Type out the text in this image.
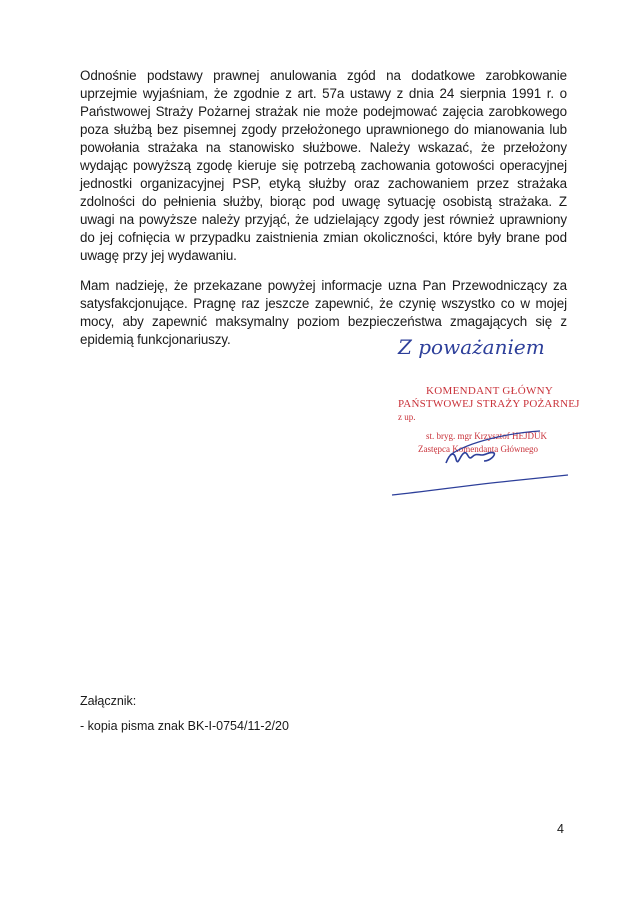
Odnośnie podstawy prawnej anulowania zgód na dodatkowe zarobkowanie uprzejmie wyjaśniam, że zgodnie z art. 57a ustawy z dnia 24 sierpnia 1991 r. o Państwowej Straży Pożarnej strażak nie może podejmować zajęcia zarobkowego poza służbą bez pisemnej zgody przełożonego uprawnionego do mianowania lub powołania strażaka na stanowisko służbowe. Należy wskazać, że przełożony wydając powyższą zgodę kieruje się potrzebą zachowania gotowości operacyjnej jednostki organizacyjnej PSP, etyką służby oraz zachowaniem przez strażaka zdolności do pełnienia służby, biorąc pod uwagę sytuację osobistą strażaka. Z uwagi na powyższe należy przyjąć, że udzielający zgody jest również uprawniony do jej cofnięcia w przypadku zaistnienia zmian okoliczności, które były brane pod uwagę przy jej wydawaniu.

Mam nadzieję, że przekazane powyżej informacje uzna Pan Przewodniczący za satysfakcjonujące. Pragnę raz jeszcze zapewnić, że czynię wszystko co w mojej mocy, aby zapewnić maksymalny poziom bezpieczeństwa zmagających się z epidemią funkcjonariuszy.	Z poważaniem
KOMENDANT GŁÓWNY
PAŃSTWOWEJ STRAŻY POŻARNEJ
z up.
st. bryg. mgr Krzysztof HEJDUK
Zastępca Komendanta Głównego
Załącznik:
- kopia pisma znak BK-I-0754/11-2/20
4
